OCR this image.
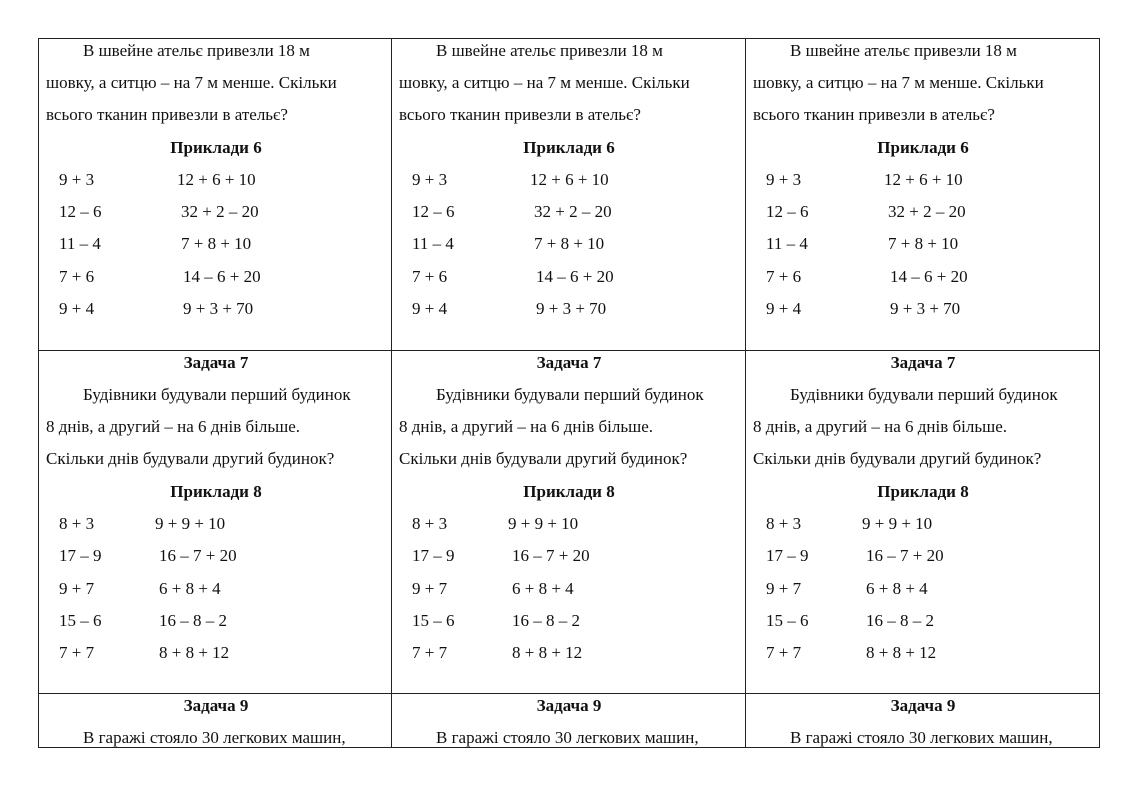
В швейне ательє привезли 18 м
шовку, а ситцю – на 7 м менше. Скільки
всього тканин привезли в ательє?
Приклади 6
9 + 3	12 + 6 + 10
12 – 6	32 + 2 – 20
11 – 4	7 + 8 + 10
7 + 6	14 – 6 + 20
9 + 4	9 + 3 + 70
В швейне ательє привезли 18 м
шовку, а ситцю – на 7 м менше. Скільки
всього тканин привезли в ательє?
Приклади 6
9 + 3	12 + 6 + 10
12 – 6	32 + 2 – 20
11 – 4	7 + 8 + 10
7 + 6	14 – 6 + 20
9 + 4	9 + 3 + 70
В швейне ательє привезли 18 м
шовку, а ситцю – на 7 м менше. Скільки
всього тканин привезли в ательє?
Приклади 6
9 + 3	12 + 6 + 10
12 – 6	32 + 2 – 20
11 – 4	7 + 8 + 10
7 + 6	14 – 6 + 20
9 + 4	9 + 3 + 70
Задача 7
Будівники будували перший будинок
8 днів, а другий – на 6 днів більше.
Скільки днів будували другий будинок?
Приклади 8
8 + 3	9 + 9 + 10
17 – 9	16 – 7 + 20
9 + 7	6 + 8 + 4
15 – 6	16 – 8 – 2
7 + 7	8 + 8 + 12
Задача 7
Будівники будували перший будинок
8 днів, а другий – на 6 днів більше.
Скільки днів будували другий будинок?
Приклади 8
8 + 3	9 + 9 + 10
17 – 9	16 – 7 + 20
9 + 7	6 + 8 + 4
15 – 6	16 – 8 – 2
7 + 7	8 + 8 + 12
Задача 7
Будівники будували перший будинок
8 днів, а другий – на 6 днів більше.
Скільки днів будували другий будинок?
Приклади 8
8 + 3	9 + 9 + 10
17 – 9	16 – 7 + 20
9 + 7	6 + 8 + 4
15 – 6	16 – 8 – 2
7 + 7	8 + 8 + 12
Задача 9
В гаражі стояло 30 легкових машин,
Задача 9
В гаражі стояло 30 легкових машин,
Задача 9
В гаражі стояло 30 легкових машин,
